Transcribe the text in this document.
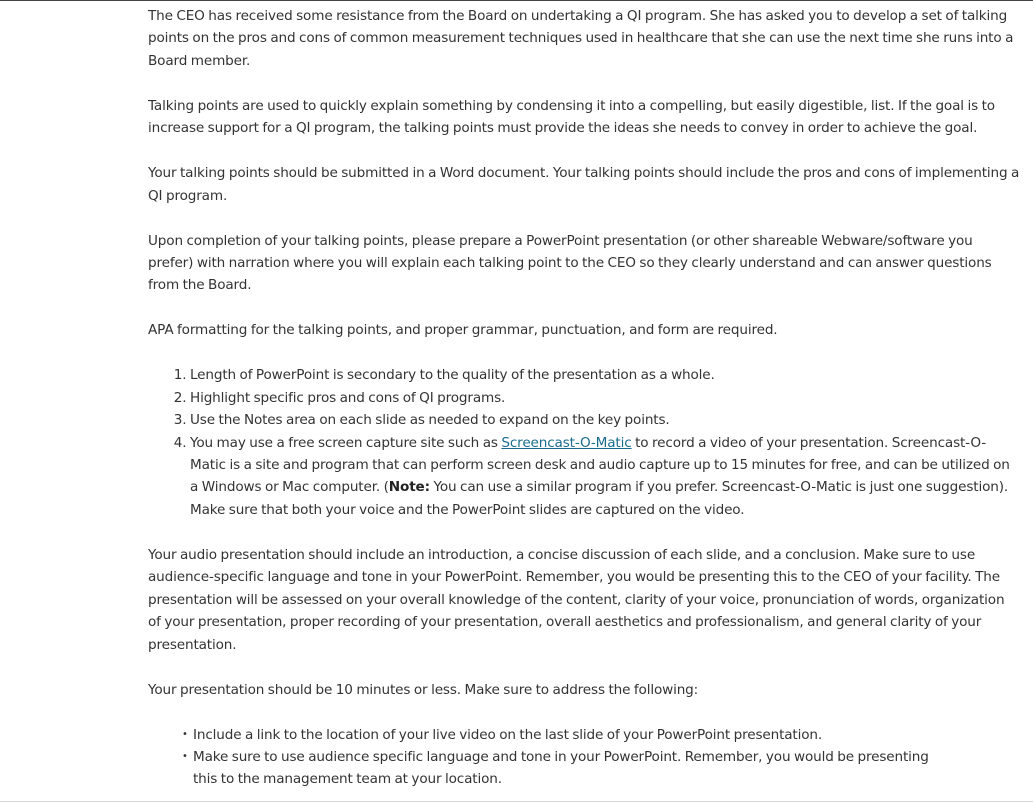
The CEO has received some resistance from the Board on undertaking a QI program. She has asked you to develop a set of talking points on the pros and cons of common measurement techniques used in healthcare that she can use the next time she runs into a Board member.

Talking points are used to quickly explain something by condensing it into a compelling, but easily digestible, list. If the goal is to increase support for a QI program, the talking points must provide the ideas she needs to convey in order to achieve the goal.

Your talking points should be submitted in a Word document. Your talking points should include the pros and cons of implementing a QI program.

Upon completion of your talking points, please prepare a PowerPoint presentation (or other shareable Webware/software you prefer) with narration where you will explain each talking point to the CEO so they clearly understand and can answer questions from the Board.

APA formatting for the talking points, and proper grammar, punctuation, and form are required.

1. Length of PowerPoint is secondary to the quality of the presentation as a whole.
2. Highlight specific pros and cons of QI programs.
3. Use the Notes area on each slide as needed to expand on the key points.
4. You may use a free screen capture site such as Screencast-O-Matic to record a video of your presentation. Screencast-O-Matic is a site and program that can perform screen desk and audio capture up to 15 minutes for free, and can be utilized on a Windows or Mac computer. (Note: You can use a similar program if you prefer. Screencast-O-Matic is just one suggestion). Make sure that both your voice and the PowerPoint slides are captured on the video.

Your audio presentation should include an introduction, a concise discussion of each slide, and a conclusion. Make sure to use audience-specific language and tone in your PowerPoint. Remember, you would be presenting this to the CEO of your facility. The presentation will be assessed on your overall knowledge of the content, clarity of your voice, pronunciation of words, organization of your presentation, proper recording of your presentation, overall aesthetics and professionalism, and general clarity of your presentation.

Your presentation should be 10 minutes or less. Make sure to address the following:

• Include a link to the location of your live video on the last slide of your PowerPoint presentation.
• Make sure to use audience specific language and tone in your PowerPoint. Remember, you would be presenting this to the management team at your location.
